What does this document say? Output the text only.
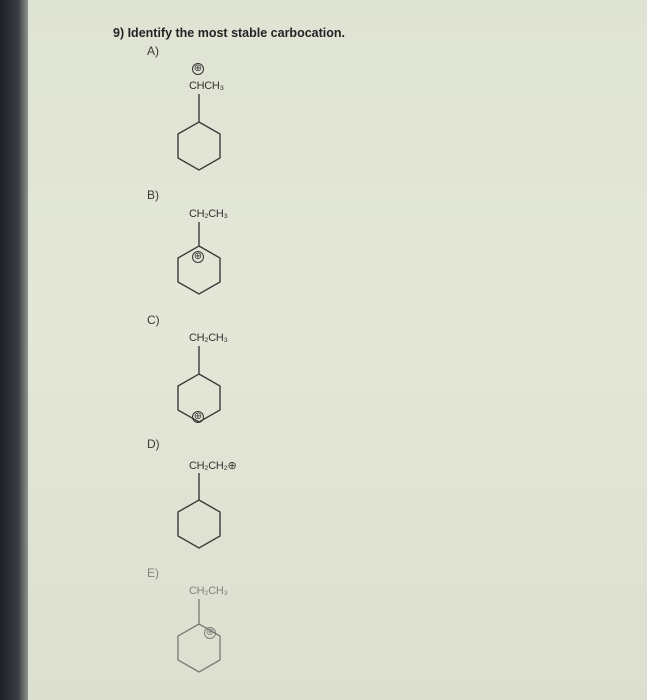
9) Identify the most stable carbocation.
A)
⊕
CHCH₃
B)
CH₂CH₃
⊕
C)
CH₂CH₃
⊕
D)
CH₂CH₂⊕
E)
CH₂CH₃
⊕
